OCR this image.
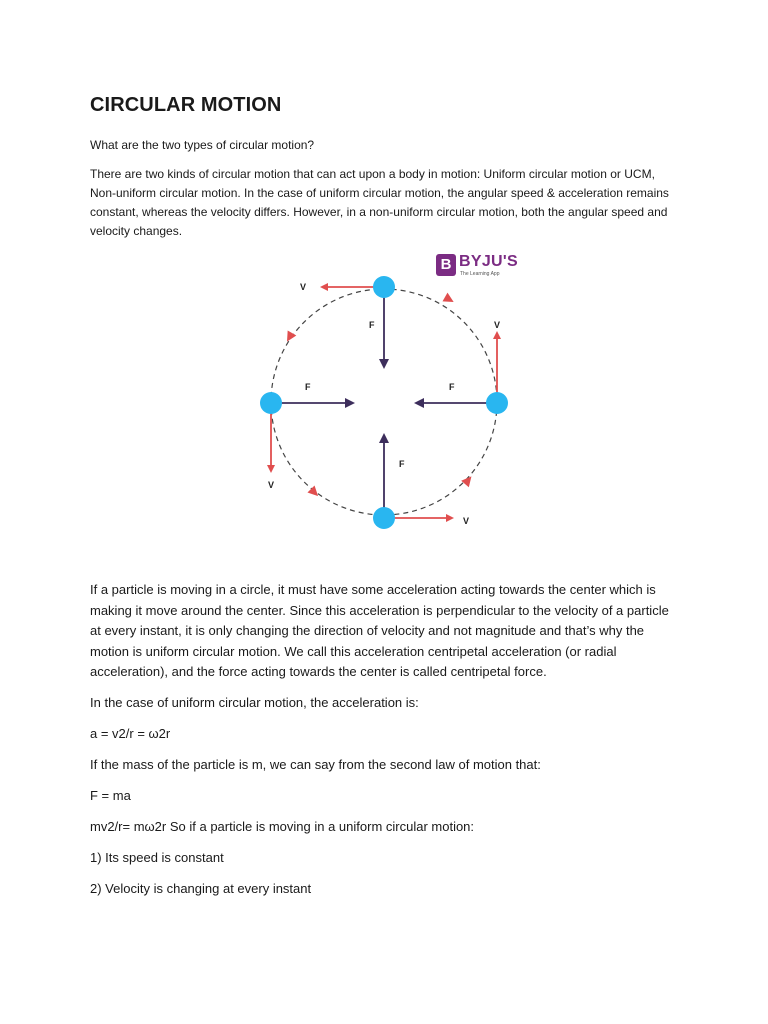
CIRCULAR MOTION

What are the two types of circular motion?

There are two kinds of circular motion that can act upon a body in motion: Uniform circular motion or UCM, Non-uniform circular motion. In the case of uniform circular motion, the angular speed & acceleration remains constant, whereas the velocity differs. However, in a non-uniform circular motion, both the angular speed and velocity changes.

V
V
V
V
F
F	F
F
B BYJU'S
The Learning App

If a particle is moving in a circle, it must have some acceleration acting towards the center which is making it move around the center. Since this acceleration is perpendicular to the velocity of a particle at every instant, it is only changing the direction of velocity and not magnitude and that’s why the motion is uniform circular motion. We call this acceleration centripetal acceleration (or radial acceleration), and the force acting towards the center is called centripetal force.

In the case of uniform circular motion, the acceleration is:

a = v2/r = ω2r

If the mass of the particle is m, we can say from the second law of motion that:

F = ma

mv2/r= mω2r So if a particle is moving in a uniform circular motion:

1) Its speed is constant

2) Velocity is changing at every instant
